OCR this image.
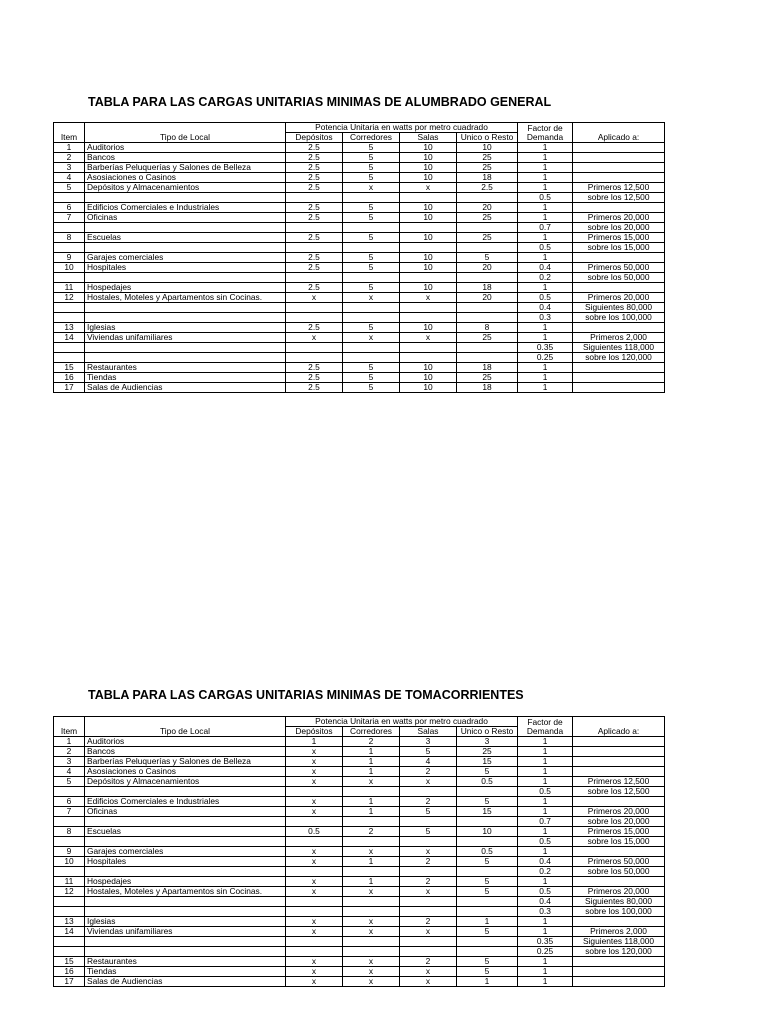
TABLA PARA LAS CARGAS UNITARIAS MINIMAS DE ALUMBRADO GENERAL
		Potencia Unitaria en watts por metro cuadrado				Factor de	
Item	Tipo de Local	Depósitos	Corredores	Salas	Unico o Resto	Demanda	Aplicado a:
1	Auditorios	2.5	5	10	10	1	
2	Bancos	2.5	5	10	25	1	
3	Barberías Peluquerías y Salones de Belleza	2.5	5	10	25	1	
4	Asosiaciones o Casinos	2.5	5	10	18	1	
5	Depósitos y Almacenamientos	2.5	x	x	2.5	1	Primeros 12,500
						0.5	sobre los 12,500
6	Edificios Comerciales e Industriales	2.5	5	10	20	1	
7	Oficinas	2.5	5	10	25	1	Primeros 20,000
						0.7	sobre los 20,000
8	Escuelas	2.5	5	10	25	1	Primeros 15,000
						0.5	sobre los 15,000
9	Garajes comerciales	2.5	5	10	5	1	
10	Hospitales	2.5	5	10	20	0.4	Primeros 50,000
						0.2	sobre los 50,000
11	Hospedajes	2.5	5	10	18	1	
12	Hostales, Moteles y Apartamentos sin Cocinas.	x	x	x	20	0.5	Primeros 20,000
						0.4	Siguientes 80,000
						0.3	sobre los 100,000
13	Iglesias	2.5	5	10	8	1	
14	Viviendas unifamiliares	x	x	x	25	1	Primeros 2,000
						0.35	Siguientes 118,000
						0.25	sobre los 120,000
15	Restaurantes	2.5	5	10	18	1	
16	Tiendas	2.5	5	10	25	1	
17	Salas de Audiencias	2.5	5	10	18	1	
TABLA PARA LAS CARGAS UNITARIAS MINIMAS DE TOMACORRIENTES
		Potencia Unitaria en watts por metro cuadrado				Factor de	
Item	Tipo de Local	Depósitos	Corredores	Salas	Unico o Resto	Demanda	Aplicado a:
1	Auditorios	1	2	3	3	1	
2	Bancos	x	1	5	25	1	
3	Barberías Peluquerías y Salones de Belleza	x	1	4	15	1	
4	Asosiaciones o Casinos	x	1	2	5	1	
5	Depósitos y Almacenamientos	x	x	x	0.5	1	Primeros 12,500
						0.5	sobre los 12,500
6	Edificios Comerciales e Industriales	x	1	2	5	1	
7	Oficinas	x	1	5	15	1	Primeros 20,000
						0.7	sobre los 20,000
8	Escuelas	0.5	2	5	10	1	Primeros 15,000
						0.5	sobre los 15,000
9	Garajes comerciales	x	x	x	0.5	1	
10	Hospitales	x	1	2	5	0.4	Primeros 50,000
						0.2	sobre los 50,000
11	Hospedajes	x	1	2	5	1	
12	Hostales, Moteles y Apartamentos sin Cocinas.	x	x	x	5	0.5	Primeros 20,000
						0.4	Siguientes 80,000
						0.3	sobre los 100,000
13	Iglesias	x	x	2	1	1	
14	Viviendas unifamiliares	x	x	x	5	1	Primeros 2,000
						0.35	Siguientes 118,000
						0.25	sobre los 120,000
15	Restaurantes	x	x	2	5	1	
16	Tiendas	x	x	x	5	1	
17	Salas de Audiencias	x	x	x	1	1	
